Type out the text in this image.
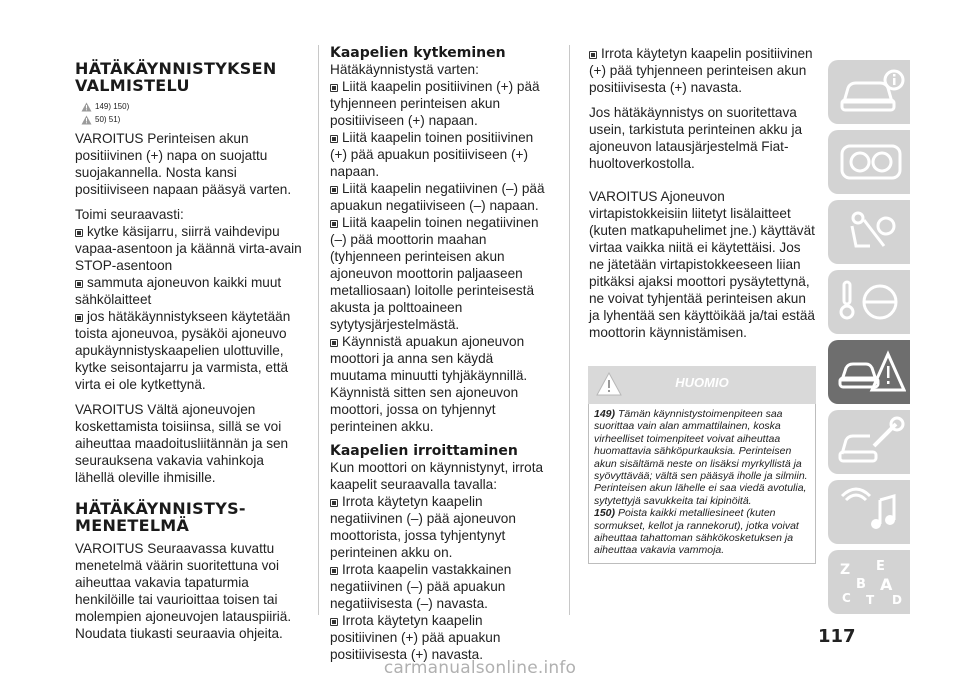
HÄTÄKÄYNNISTYKSEN VALMISTELU
149) 150)
50) 51)

VAROITUS Perinteisen akun positiivinen (+) napa on suojattu suojakannella. Nosta kansi positiiviseen napaan pääsyä varten.

Toimi seuraavasti:

kytke käsijarru, siirrä vaihdevipu vapaa-asentoon ja käännä virta-avain STOP-asentoon

sammuta ajoneuvon kaikki muut sähkölaitteet

jos hätäkäynnistykseen käytetään toista ajoneuvoa, pysäköi ajoneuvo apukäynnistyskaapelien ulottuville, kytke seisontajarru ja varmista, että virta ei ole kytkettynä.

VAROITUS Vältä ajoneuvojen koskettamista toisiinsa, sillä se voi aiheuttaa maadoitusliitännän ja sen seurauksena vakavia vahinkoja lähellä oleville ihmisille.

HÄTÄKÄYNNISTYS-MENETELMÄ

VAROITUS Seuraavassa kuvattu menetelmä väärin suoritettuna voi aiheuttaa vakavia tapaturmia henkilöille tai vaurioittaa toisen tai molempien ajoneuvojen latauspiiriä. Noudata tiukasti seuraavia ohjeita.

Kaapelien kytkeminen

Hätäkäynnistystä varten:

Liitä kaapelin positiivinen (+) pää tyhjenneen perinteisen akun positiiviseen (+) napaan.

Liitä kaapelin toinen positiivinen (+) pää apuakun positiiviseen (+) napaan.

Liitä kaapelin negatiivinen (–) pää apuakun negatiiviseen (–) napaan.

Liitä kaapelin toinen negatiivinen (–) pää moottorin maahan (tyhjenneen perinteisen akun ajoneuvon moottorin paljaaseen metalliosaan) loitolle perinteisestä akusta ja polttoaineen sytytysjärjestelmästä.

Käynnistä apuakun ajoneuvon moottori ja anna sen käydä muutama minuutti tyhjäkäynnillä. Käynnistä sitten sen ajoneuvon moottori, jossa on tyhjennyt perinteinen akku.

Kaapelien irroittaminen

Kun moottori on käynnistynyt, irrota kaapelit seuraavalla tavalla:

Irrota käytetyn kaapelin negatiivinen (–) pää ajoneuvon moottorista, jossa tyhjentynyt perinteinen akku on.

Irrota kaapelin vastakkainen negatiivinen (–) pää apuakun negatiivisesta (–) navasta.

Irrota käytetyn kaapelin positiivinen (+) pää apuakun positiivisesta (+) navasta.

Irrota käytetyn kaapelin positiivinen (+) pää tyhjenneen perinteisen akun positiivisesta (+) navasta.

Jos hätäkäynnistys on suoritettava usein, tarkistuta perinteinen akku ja ajoneuvon latausjärjestelmä Fiat-huoltoverkostolla.

VAROITUS Ajoneuvon virtapistokkeisiin liitetyt lisälaitteet (kuten matkapuhelimet jne.) käyttävät virtaa vaikka niitä ei käytettäisi. Jos ne jätetään virtapistokkeeseen liian pitkäksi ajaksi moottori pysäytettynä, ne voivat tyhjentää perinteisen akun ja lyhentää sen käyttöikää ja/tai estää moottorin käynnistämisen.

HUOMIO

149) Tämän käynnistystoimenpiteen saa suorittaa vain alan ammattilainen, koska virheelliset toimenpiteet voivat aiheuttaa huomattavia sähköpurkauksia. Perinteisen akun sisältämä neste on lisäksi myrkyllistä ja syövyttävää; vältä sen pääsyä iholle ja silmiin. Perinteisen akun lähelle ei saa viedä avotulia, sytytettyjä savukkeita tai kipinöitä.

150) Poista kaikki metalliesineet (kuten sormukset, kellot ja rannekorut), jotka voivat aiheuttaa tahattoman sähkökosketuksen ja aiheuttaa vakavia vammoja.

Z E
B A
C T D
117
carmanualsonline.info
